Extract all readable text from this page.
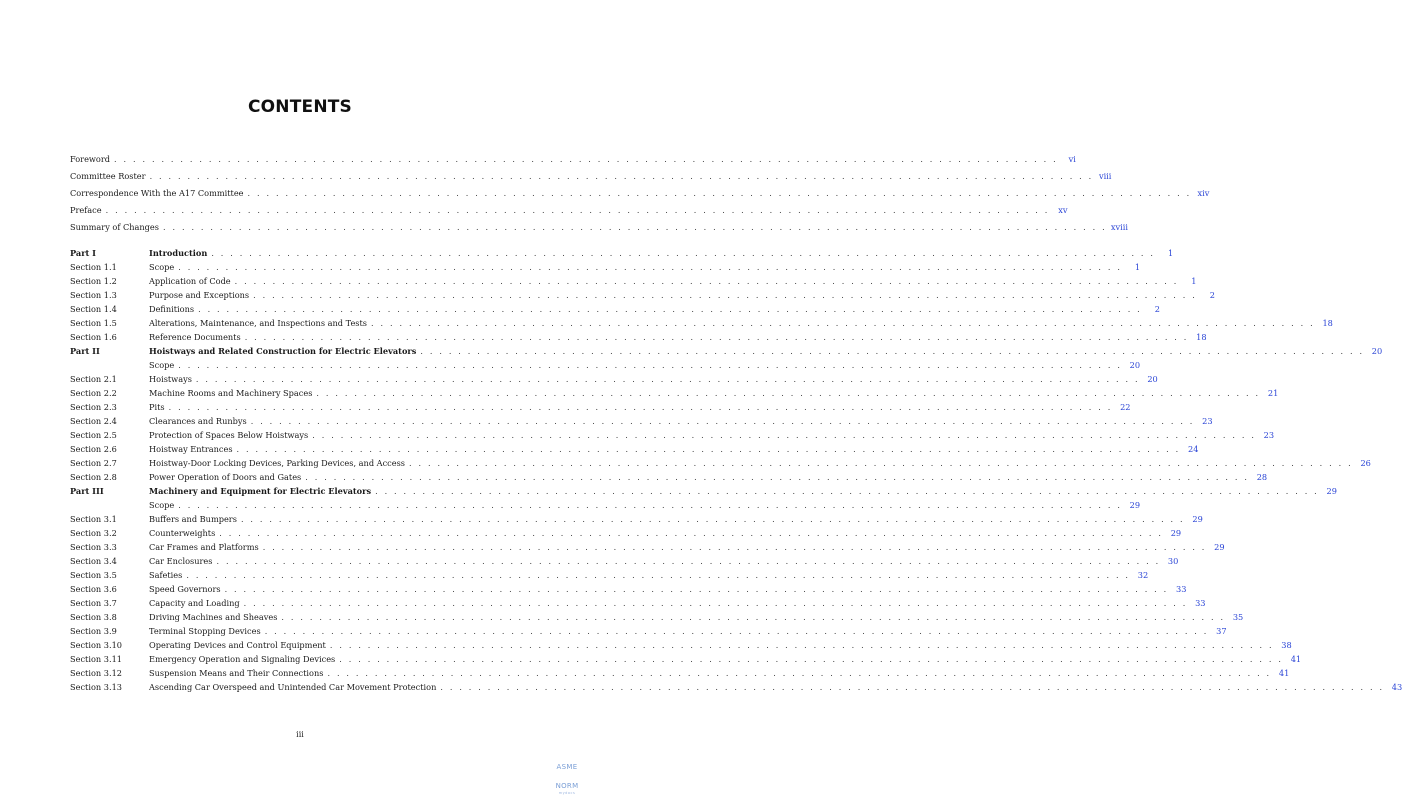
CONTENTS
Foreword . . . . . . . . . . . . . . . . . . . . . . . . . . . . . . . . . . . . . . . . . . . . . . . . . . . . . . . . . . . . . . . . . . . . . . . . . . . . . . . . . . . . . . . . . . . . . . . . . . . .	vi
Committee Roster . . . . . . . . . . . . . . . . . . . . . . . . . . . . . . . . . . . . . . . . . . . . . . . . . . . . . . . . . . . . . . . . . . . . . . . . . . . . . . . . . . . . . . . . . . . . . . . . . . . . viii
Correspondence With the A17 Committee . . . . . . . . . . . . . . . . . . . . . . . . . . . . . . . . . . . . . . . . . . . . . . . . . . . . . . . . . . . . . . . . . . . . . . . . . . . . . . . . . . . . . . . . . . . . . . . . . . . . xiv
Preface . . . . . . . . . . . . . . . . . . . . . . . . . . . . . . . . . . . . . . . . . . . . . . . . . . . . . . . . . . . . . . . . . . . . . . . . . . . . . . . . . . . . . . . . . . . . . . . . . . . .	xv
Summary of Changes . . . . . . . . . . . . . . . . . . . . . . . . . . . . . . . . . . . . . . . . . . . . . . . . . . . . . . . . . . . . . . . . . . . . . . . . . . . . . . . . . . . . . . . . . . . . . . . . . . . . xviii
Part I	Introduction . . . . . . . . . . . . . . . . . . . . . . . . . . . . . . . . . . . . . . . . . . . . . . . . . . . . . . . . . . . . . . . . . . . . . . . . . . . . . . . . . . . . . . . . . . . . . . . . . . . .	1
Section 1.1	Scope . . . . . . . . . . . . . . . . . . . . . . . . . . . . . . . . . . . . . . . . . . . . . . . . . . . . . . . . . . . . . . . . . . . . . . . . . . . . . . . . . . . . . . . . . . . . . . . . . . . .	1
Section 1.2	Application of Code . . . . . . . . . . . . . . . . . . . . . . . . . . . . . . . . . . . . . . . . . . . . . . . . . . . . . . . . . . . . . . . . . . . . . . . . . . . . . . . . . . . . . . . . . . . . . . . . . . . .	1
Section 1.3	Purpose and Exceptions . . . . . . . . . . . . . . . . . . . . . . . . . . . . . . . . . . . . . . . . . . . . . . . . . . . . . . . . . . . . . . . . . . . . . . . . . . . . . . . . . . . . . . . . . . . . . . . . . . . .	2
Section 1.4	Definitions . . . . . . . . . . . . . . . . . . . . . . . . . . . . . . . . . . . . . . . . . . . . . . . . . . . . . . . . . . . . . . . . . . . . . . . . . . . . . . . . . . . . . . . . . . . . . . . . . . . .	2
Section 1.5	Alterations, Maintenance, and Inspections and Tests . . . . . . . . . . . . . . . . . . . . . . . . . . . . . . . . . . . . . . . . . . . . . . . . . . . . . . . . . . . . . . . . . . . . . . . . . . . . . . . . . . . . . . . . . . . . . . . . . . . . 18
Section 1.6	Reference Documents . . . . . . . . . . . . . . . . . . . . . . . . . . . . . . . . . . . . . . . . . . . . . . . . . . . . . . . . . . . . . . . . . . . . . . . . . . . . . . . . . . . . . . . . . . . . . . . . . . . . 18
Part II	Hoistways and Related Construction for Electric Elevators . . . . . . . . . . . . . . . . . . . . . . . . . . . . . . . . . . . . . . . . . . . . . . . . . . . . . . . . . . . . . . . . . . . . . . . . . . . . . . . . . . . . . . . . . . . . . . . . . . . . 20
Scope . . . . . . . . . . . . . . . . . . . . . . . . . . . . . . . . . . . . . . . . . . . . . . . . . . . . . . . . . . . . . . . . . . . . . . . . . . . . . . . . . . . . . . . . . . . . . . . . . . . . 20
Section 2.1	Hoistways . . . . . . . . . . . . . . . . . . . . . . . . . . . . . . . . . . . . . . . . . . . . . . . . . . . . . . . . . . . . . . . . . . . . . . . . . . . . . . . . . . . . . . . . . . . . . . . . . . . . 20
Section 2.2	Machine Rooms and Machinery Spaces . . . . . . . . . . . . . . . . . . . . . . . . . . . . . . . . . . . . . . . . . . . . . . . . . . . . . . . . . . . . . . . . . . . . . . . . . . . . . . . . . . . . . . . . . . . . . . . . . . . . 21
Section 2.3	Pits . . . . . . . . . . . . . . . . . . . . . . . . . . . . . . . . . . . . . . . . . . . . . . . . . . . . . . . . . . . . . . . . . . . . . . . . . . . . . . . . . . . . . . . . . . . . . . . . . . . . 22
Section 2.4	Clearances and Runbys . . . . . . . . . . . . . . . . . . . . . . . . . . . . . . . . . . . . . . . . . . . . . . . . . . . . . . . . . . . . . . . . . . . . . . . . . . . . . . . . . . . . . . . . . . . . . . . . . . . . 23
Section 2.5	Protection of Spaces Below Hoistways . . . . . . . . . . . . . . . . . . . . . . . . . . . . . . . . . . . . . . . . . . . . . . . . . . . . . . . . . . . . . . . . . . . . . . . . . . . . . . . . . . . . . . . . . . . . . . . . . . . . 23
Section 2.6	Hoistway Entrances . . . . . . . . . . . . . . . . . . . . . . . . . . . . . . . . . . . . . . . . . . . . . . . . . . . . . . . . . . . . . . . . . . . . . . . . . . . . . . . . . . . . . . . . . . . . . . . . . . . . 24
Section 2.7	Hoistway-Door Locking Devices, Parking Devices, and Access . . . . . . . . . . . . . . . . . . . . . . . . . . . . . . . . . . . . . . . . . . . . . . . . . . . . . . . . . . . . . . . . . . . . . . . . . . . . . . . . . . . . . . . . . . . . . . . . . . . . 26
Section 2.8	Power Operation of Doors and Gates . . . . . . . . . . . . . . . . . . . . . . . . . . . . . . . . . . . . . . . . . . . . . . . . . . . . . . . . . . . . . . . . . . . . . . . . . . . . . . . . . . . . . . . . . . . . . . . . . . . . 28
Part III	Machinery and Equipment for Electric Elevators . . . . . . . . . . . . . . . . . . . . . . . . . . . . . . . . . . . . . . . . . . . . . . . . . . . . . . . . . . . . . . . . . . . . . . . . . . . . . . . . . . . . . . . . . . . . . . . . . . . . 29
Scope . . . . . . . . . . . . . . . . . . . . . . . . . . . . . . . . . . . . . . . . . . . . . . . . . . . . . . . . . . . . . . . . . . . . . . . . . . . . . . . . . . . . . . . . . . . . . . . . . . . . 29
Section 3.1	Buffers and Bumpers . . . . . . . . . . . . . . . . . . . . . . . . . . . . . . . . . . . . . . . . . . . . . . . . . . . . . . . . . . . . . . . . . . . . . . . . . . . . . . . . . . . . . . . . . . . . . . . . . . . . 29
Section 3.2	Counterweights . . . . . . . . . . . . . . . . . . . . . . . . . . . . . . . . . . . . . . . . . . . . . . . . . . . . . . . . . . . . . . . . . . . . . . . . . . . . . . . . . . . . . . . . . . . . . . . . . . . . 29
Section 3.3	Car Frames and Platforms . . . . . . . . . . . . . . . . . . . . . . . . . . . . . . . . . . . . . . . . . . . . . . . . . . . . . . . . . . . . . . . . . . . . . . . . . . . . . . . . . . . . . . . . . . . . . . . . . . . . 29
Section 3.4	Car Enclosures . . . . . . . . . . . . . . . . . . . . . . . . . . . . . . . . . . . . . . . . . . . . . . . . . . . . . . . . . . . . . . . . . . . . . . . . . . . . . . . . . . . . . . . . . . . . . . . . . . . . 30
Section 3.5	Safeties . . . . . . . . . . . . . . . . . . . . . . . . . . . . . . . . . . . . . . . . . . . . . . . . . . . . . . . . . . . . . . . . . . . . . . . . . . . . . . . . . . . . . . . . . . . . . . . . . . . . 32
Section 3.6	Speed Governors . . . . . . . . . . . . . . . . . . . . . . . . . . . . . . . . . . . . . . . . . . . . . . . . . . . . . . . . . . . . . . . . . . . . . . . . . . . . . . . . . . . . . . . . . . . . . . . . . . . . 33
Section 3.7	Capacity and Loading . . . . . . . . . . . . . . . . . . . . . . . . . . . . . . . . . . . . . . . . . . . . . . . . . . . . . . . . . . . . . . . . . . . . . . . . . . . . . . . . . . . . . . . . . . . . . . . . . . . . 33
Section 3.8	Driving Machines and Sheaves . . . . . . . . . . . . . . . . . . . . . . . . . . . . . . . . . . . . . . . . . . . . . . . . . . . . . . . . . . . . . . . . . . . . . . . . . . . . . . . . . . . . . . . . . . . . . . . . . . . . 35
Section 3.9	Terminal Stopping Devices . . . . . . . . . . . . . . . . . . . . . . . . . . . . . . . . . . . . . . . . . . . . . . . . . . . . . . . . . . . . . . . . . . . . . . . . . . . . . . . . . . . . . . . . . . . . . . . . . . . . 37
Section 3.10	Operating Devices and Control Equipment . . . . . . . . . . . . . . . . . . . . . . . . . . . . . . . . . . . . . . . . . . . . . . . . . . . . . . . . . . . . . . . . . . . . . . . . . . . . . . . . . . . . . . . . . . . . . . . . . . . . 38
Section 3.11	Emergency Operation and Signaling Devices . . . . . . . . . . . . . . . . . . . . . . . . . . . . . . . . . . . . . . . . . . . . . . . . . . . . . . . . . . . . . . . . . . . . . . . . . . . . . . . . . . . . . . . . . . . . . . . . . . . . 41
Section 3.12	Suspension Means and Their Connections . . . . . . . . . . . . . . . . . . . . . . . . . . . . . . . . . . . . . . . . . . . . . . . . . . . . . . . . . . . . . . . . . . . . . . . . . . . . . . . . . . . . . . . . . . . . . . . . . . . . 41
Section 3.13	Ascending Car Overspeed and Unintended Car Movement Protection . . . . . . . . . . . . . . . . . . . . . . . . . . . . . . . . . . . . . . . . . . . . . . . . . . . . . . . . . . . . . . . . . . . . . . . . . . . . . . . . . . . . . . . . . . . . . . . . . . . . 43
iii
ASME NORM
mydocs
